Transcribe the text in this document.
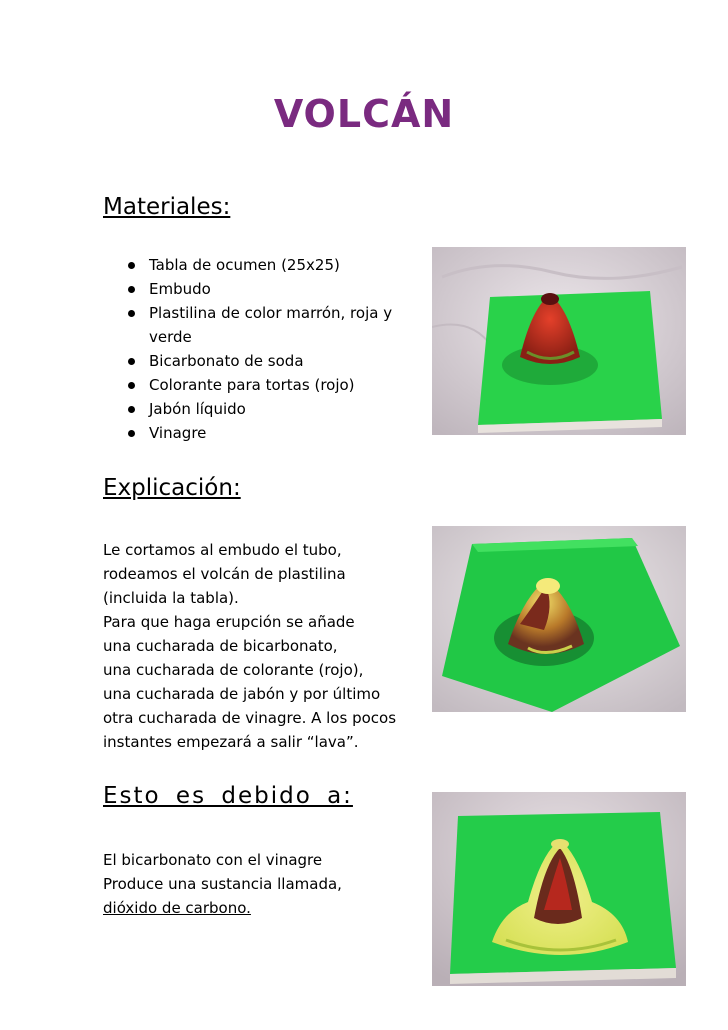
VOLCÁN
Materiales:
Tabla de ocumen (25x25)
Embudo
Plastilina de color marrón, roja y verde
Bicarbonato de soda
Colorante para tortas (rojo)
Jabón líquido
Vinagre
Explicación:

Le cortamos al embudo el tubo,
rodeamos el volcán de plastilina
(incluida la tabla).
Para que haga erupción se añade
una cucharada de bicarbonato,
una cucharada de colorante (rojo),
una cucharada de jabón y por último
otra cucharada de vinagre. A los pocos
instantes empezará a salir “lava”.

Esto es debido a:

El bicarbonato con el vinagre
Produce una sustancia llamada,
dióxido de carbono.
